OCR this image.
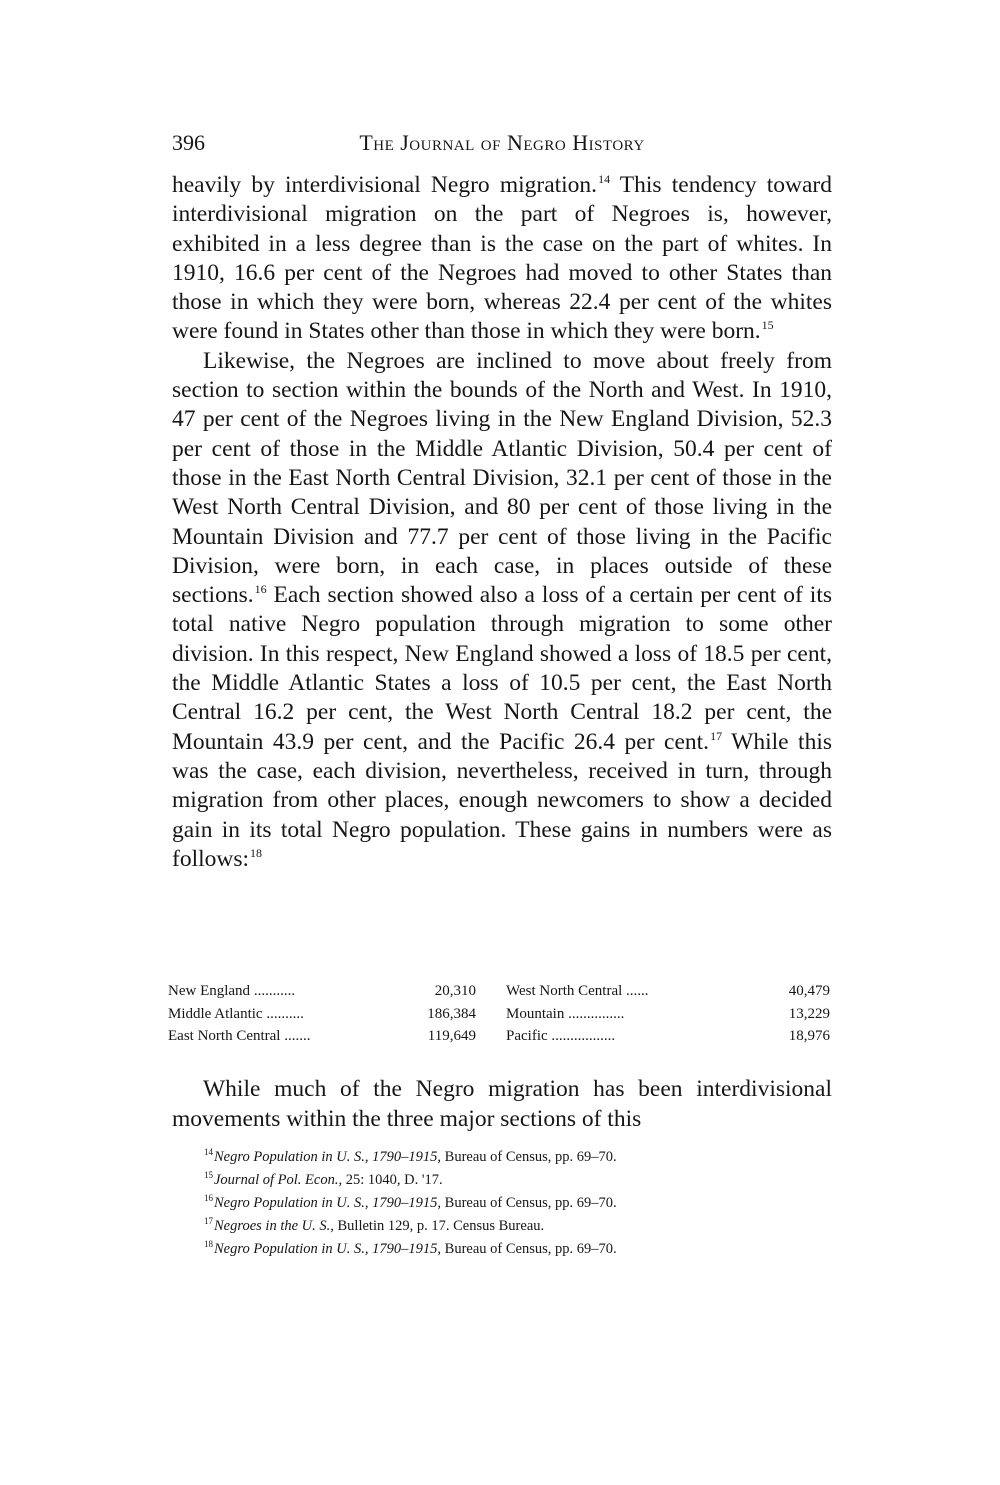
396	The Journal of Negro History

heavily by interdivisional Negro migration.$^{14}$ This tendency toward interdivisional migration on the part of Negroes is, however, exhibited in a less degree than is the case on the part of whites. In 1910, 16.6 per cent of the Negroes had moved to other States than those in which they were born, whereas 22.4 per cent of the whites were found in States other than those in which they were born.$^{15}$

Likewise, the Negroes are inclined to move about freely from section to section within the bounds of the North and West. In 1910, 47 per cent of the Negroes living in the New England Division, 52.3 per cent of those in the Middle Atlantic Division, 50.4 per cent of those in the East North Central Division, 32.1 per cent of those in the West North Central Division, and 80 per cent of those living in the Mountain Division and 77.7 per cent of those living in the Pacific Division, were born, in each case, in places outside of these sections.$^{16}$ Each section showed also a loss of a certain per cent of its total native Negro population through migration to some other division. In this respect, New England showed a loss of 18.5 per cent, the Middle Atlantic States a loss of 10.5 per cent, the East North Central 16.2 per cent, the West North Central 18.2 per cent, the Mountain 43.9 per cent, and the Pacific 26.4 per cent.$^{17}$ While this was the case, each division, nevertheless, received in turn, through migration from other places, enough newcomers to show a decided gain in its total Negro population. These gains in numbers were as follows:$^{18}$

New England ...........	20,310		West North Central ......	40,479
Middle Atlantic ..........	186,384		Mountain ...............	13,229
East North Central .......	119,649		Pacific .................	18,976

While much of the Negro migration has been interdivisional movements within the three major sections of this

$^{14}$Negro Population in U. S., 1790–1915, Bureau of Census, pp. 69–70.
$^{15}$Journal of Pol. Econ., 25: 1040, D. '17.
$^{16}$Negro Population in U. S., 1790–1915, Bureau of Census, pp. 69–70.
$^{17}$Negroes in the U. S., Bulletin 129, p. 17. Census Bureau.
$^{18}$Negro Population in U. S., 1790–1915, Bureau of Census, pp. 69–70.
